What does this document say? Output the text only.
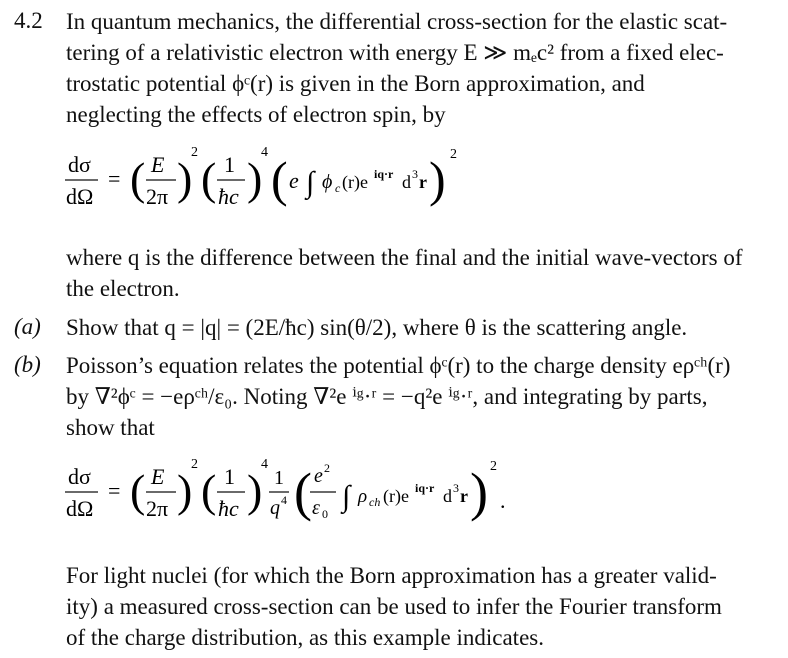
4.2 In quantum mechanics, the differential cross-section for the elastic scat-
tering of a relativistic electron with energy E ≫ mₑc² from a fixed elec-
trostatic potential ϕᶜ(r) is given in the Born approximation, and
neglecting the effects of electron spin, by
dσ
dΩ
= ( E
2π )
2
( 1
ħc )
4 ( e ∫ ϕ c (r)e iq·r d 3 r ) 2
where q is the difference between the final and the initial wave-vectors of
the electron.
(a) Show that q = |q| = (2E/ħc) sin(θ/2), where θ is the scattering angle.
(b) Poisson’s equation relates the potential ϕᶜ(r) to the charge density eρᶜʰ(r)
by ∇²ϕᶜ = −eρᶜʰ/ε₀. Noting ∇²e ⁱᵍ·ʳ = −q²e ⁱᵍ·ʳ, and integrating by parts,
show that
dσ
dΩ
= ( E
2π )
2
( 1
ħc )
4
1
q 4 ( e 2
ε 0
∫ ρ ch (r)e iq·r d 3 r ) 2
.
For light nuclei (for which the Born approximation has a greater valid-
ity) a measured cross-section can be used to infer the Fourier transform
of the charge distribution, as this example indicates.
